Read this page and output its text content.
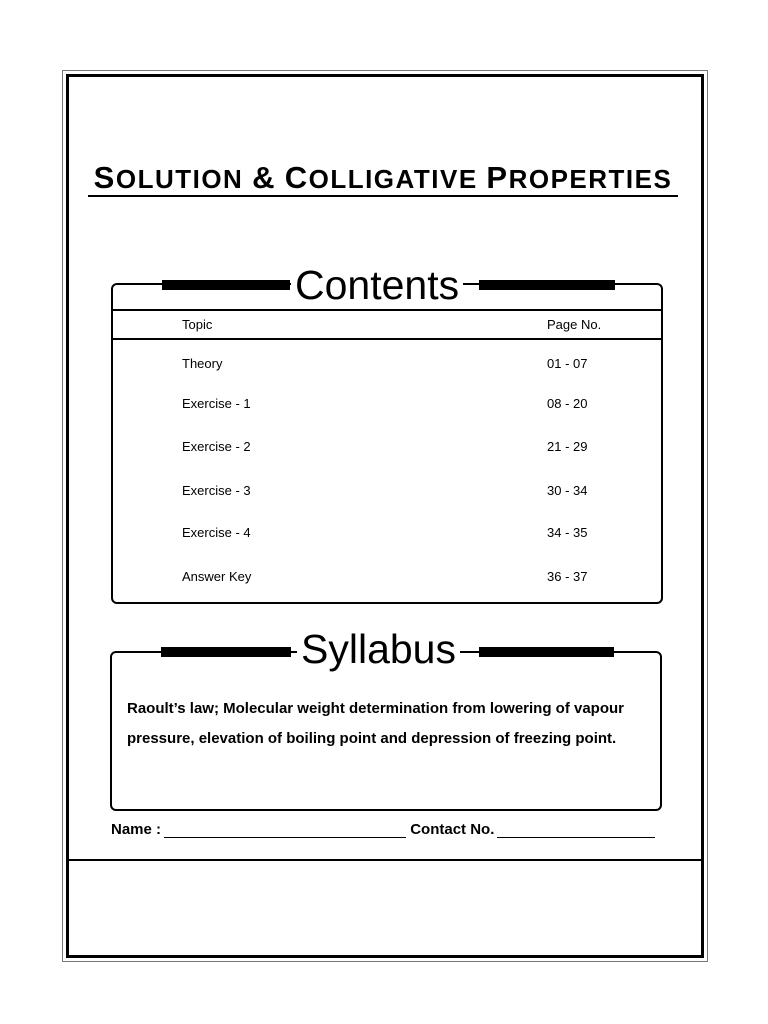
SOLUTION & COLLIGATIVE PROPERTIES
Contents
Topic	Page No.
Theory	01 - 07
Exercise - 1	08 - 20
Exercise - 2	21 - 29
Exercise - 3	30 - 34
Exercise - 4	34 - 35
Answer Key	36 - 37
Syllabus
Raoult’s law; Molecular weight determination from lowering of vapour pressure, elevation of boiling point and depression of freezing point.
Name :	Contact No.
